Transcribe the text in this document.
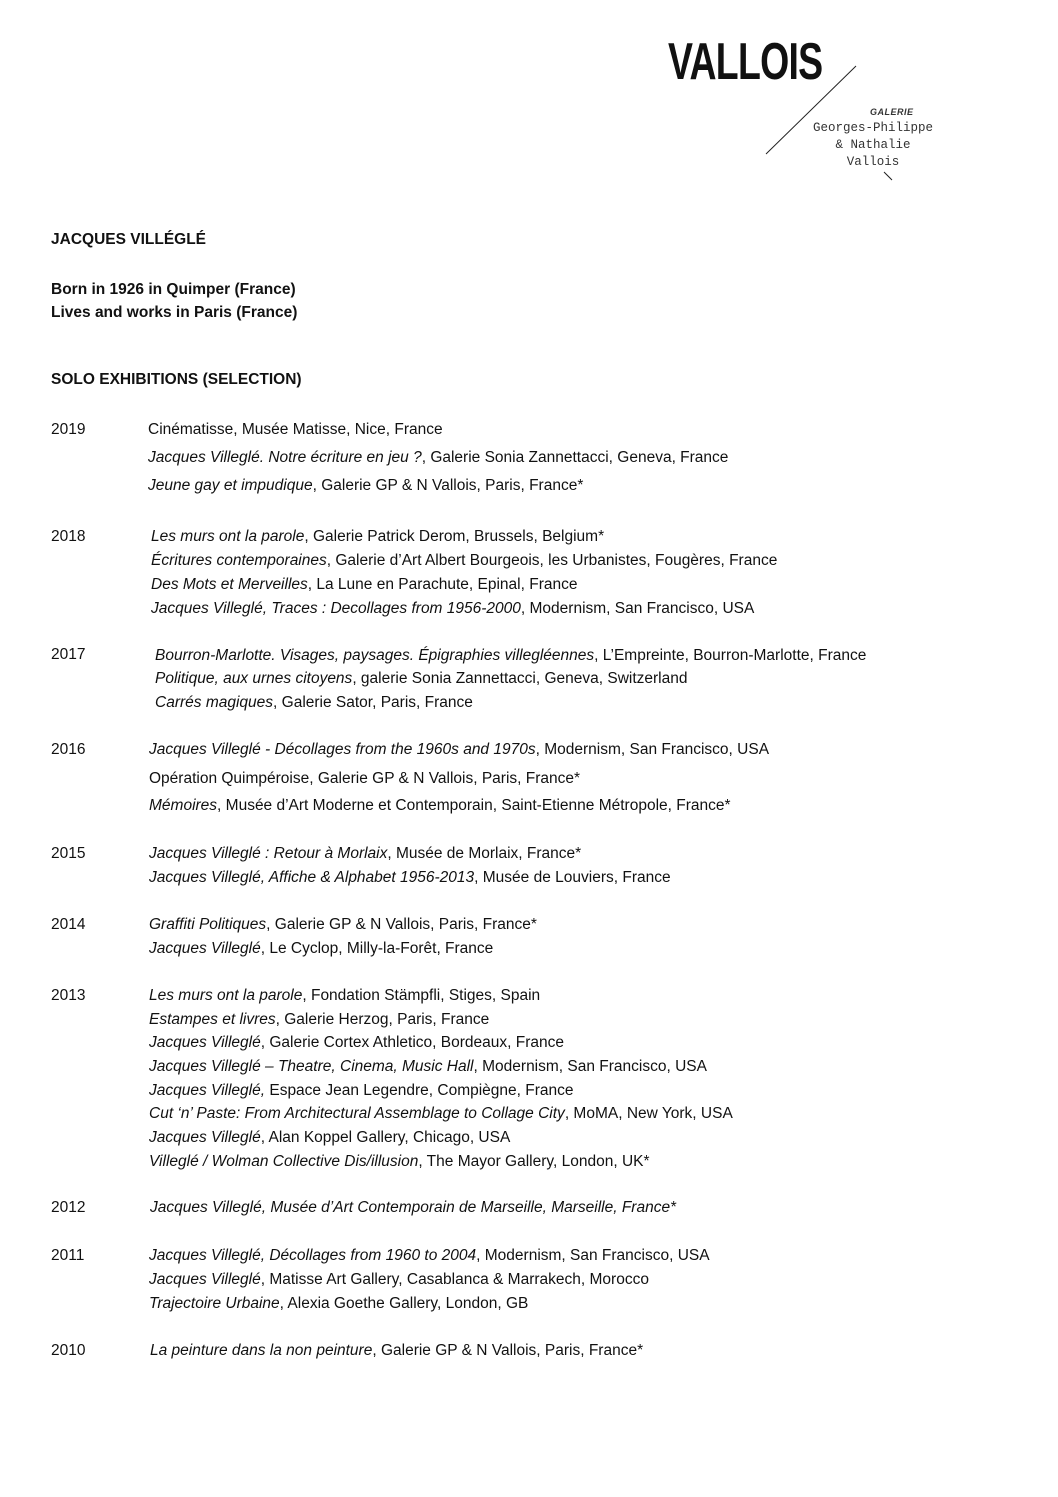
VALLOIS
GALERIE
Georges-Philippe
& Nathalie
Vallois
JACQUES VILLÉGLÉ
Born in 1926 in Quimper (France)
Lives and works in Paris (France)
SOLO EXHIBITIONS (SELECTION)
2019	Cinématisse, Musée Matisse, Nice, France
Jacques Villeglé. Notre écriture en jeu ?, Galerie Sonia Zannettacci, Geneva, France
Jeune gay et impudique, Galerie GP & N Vallois, Paris, France*
2018	Les murs ont la parole, Galerie Patrick Derom, Brussels, Belgium*
Écritures contemporaines, Galerie d’Art Albert Bourgeois, les Urbanistes, Fougères, France
Des Mots et Merveilles, La Lune en Parachute, Epinal, France
Jacques Villeglé, Traces : Decollages from 1956-2000, Modernism, San Francisco, USA
2017	Bourron-Marlotte. Visages, paysages. Épigraphies villegléennes, L’Empreinte, Bourron-Marlotte, France
Politique, aux urnes citoyens, galerie Sonia Zannettacci, Geneva, Switzerland
Carrés magiques, Galerie Sator, Paris, France
2016	Jacques Villeglé - Décollages from the 1960s and 1970s, Modernism, San Francisco, USA
Opération Quimpéroise, Galerie GP & N Vallois, Paris, France*
Mémoires, Musée d’Art Moderne et Contemporain, Saint-Etienne Métropole, France*
2015	Jacques Villeglé : Retour à Morlaix, Musée de Morlaix, France*
Jacques Villeglé, Affiche & Alphabet 1956-2013, Musée de Louviers, France
2014	Graffiti Politiques, Galerie GP & N Vallois, Paris, France*
Jacques Villeglé, Le Cyclop, Milly-la-Forêt, France
2013	Les murs ont la parole, Fondation Stämpfli, Stiges, Spain
Estampes et livres, Galerie Herzog, Paris, France
Jacques Villeglé, Galerie Cortex Athletico, Bordeaux, France
Jacques Villeglé – Theatre, Cinema, Music Hall, Modernism, San Francisco, USA
Jacques Villeglé, Espace Jean Legendre, Compiègne, France
Cut ‘n’ Paste: From Architectural Assemblage to Collage City, MoMA, New York, USA
Jacques Villeglé, Alan Koppel Gallery, Chicago, USA
Villeglé / Wolman Collective Dis/illusion, The Mayor Gallery, London, UK*
2012	Jacques Villeglé, Musée d’Art Contemporain de Marseille, Marseille, France*
2011	Jacques Villeglé, Décollages from 1960 to 2004, Modernism, San Francisco, USA
Jacques Villeglé, Matisse Art Gallery, Casablanca & Marrakech, Morocco
Trajectoire Urbaine, Alexia Goethe Gallery, London, GB
2010	La peinture dans la non peinture, Galerie GP & N Vallois, Paris, France*
